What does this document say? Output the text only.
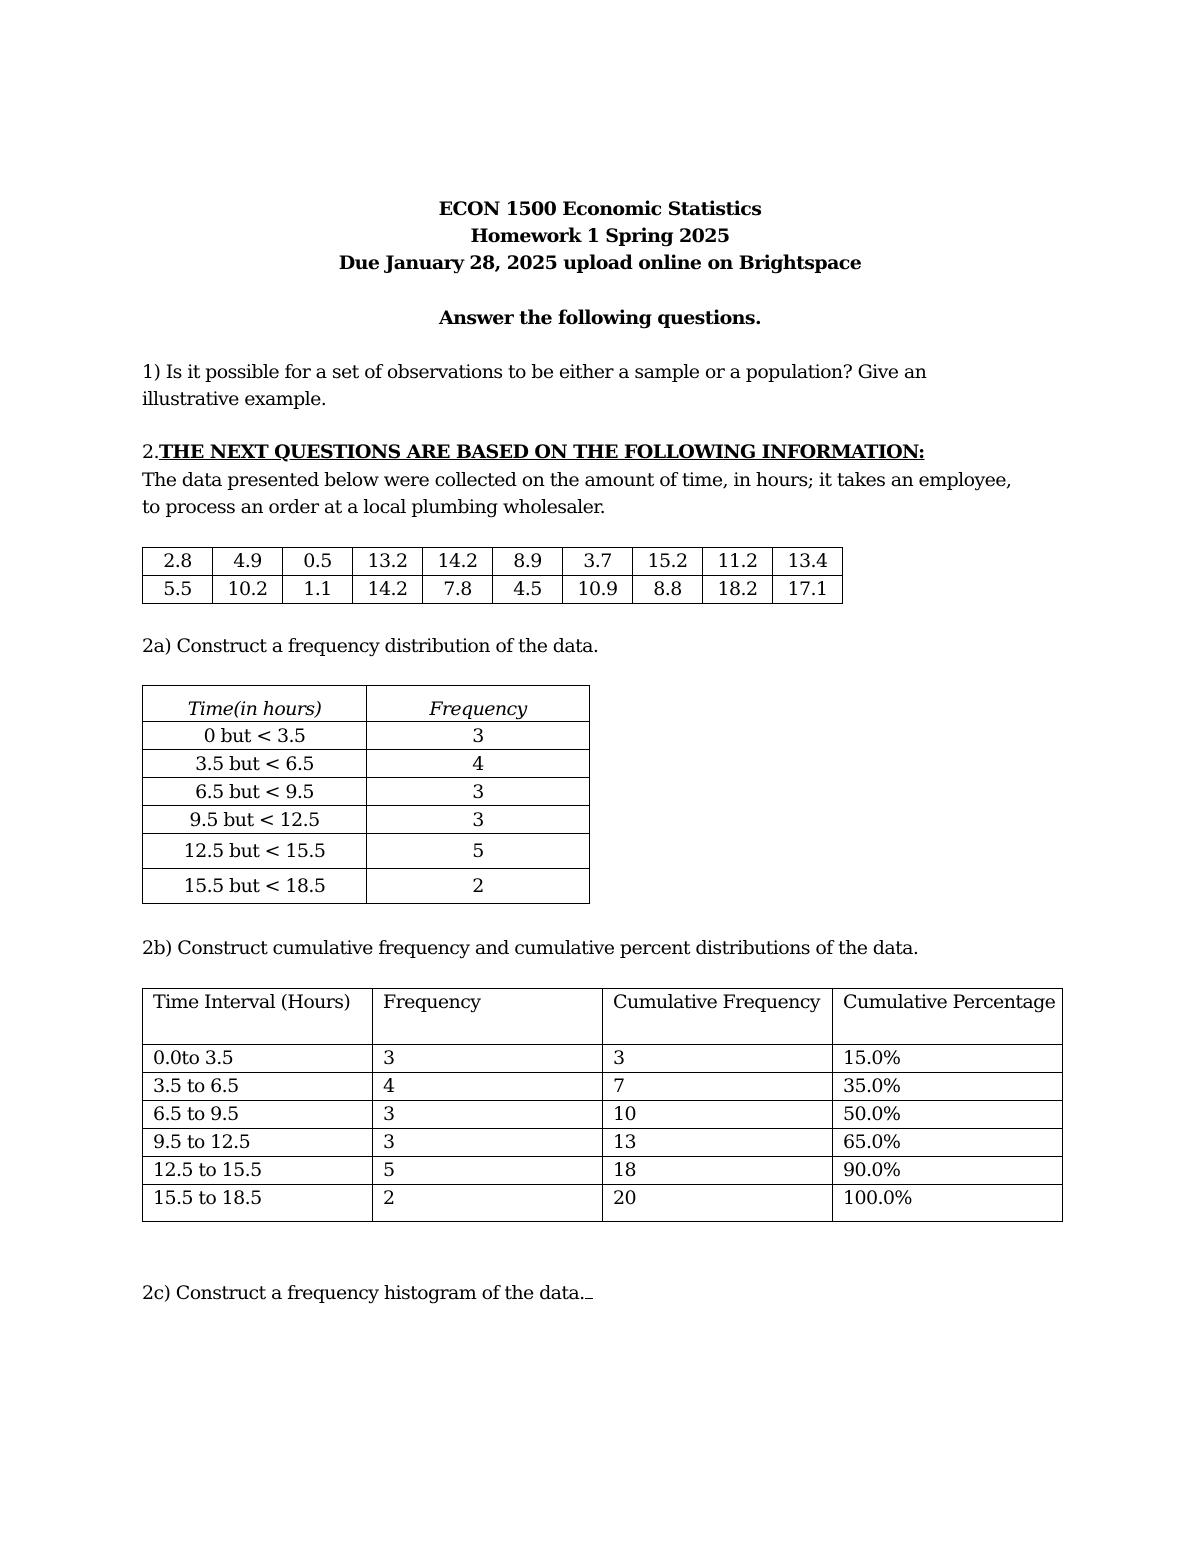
ECON 1500 Economic Statistics

Homework 1 Spring 2025

Due January 28, 2025 upload online on Brightspace

Answer the following questions.

1) Is it possible for a set of observations to be either a sample or a population? Give an

illustrative example.

2.THE NEXT QUESTIONS ARE BASED ON THE FOLLOWING INFORMATION:

The data presented below were collected on the amount of time, in hours; it takes an employee,

to process an order at a local plumbing wholesaler.

2.8	4.9	0.5	13.2	14.2	8.9	3.7	15.2	11.2	13.4
5.5	10.2	1.1	14.2	7.8	4.5	10.9	8.8	18.2	17.1

2a) Construct a frequency distribution of the data.

Time(in hours)	Frequency
0 but < 3.5	3
3.5 but < 6.5	4
6.5 but < 9.5	3
9.5 but < 12.5	3
12.5 but < 15.5	5
15.5 but < 18.5	2

2b) Construct cumulative frequency and cumulative percent distributions of the data.

Time Interval (Hours)	Frequency	Cumulative Frequency	Cumulative Percentage
0.0to 3.5	3	3	15.0%
3.5 to 6.5	4	7	35.0%
6.5 to 9.5	3	10	50.0%
9.5 to 12.5	3	13	65.0%
12.5 to 15.5	5	18	90.0%
15.5 to 18.5	2	20	100.0%

2c) Construct a frequency histogram of the data.
